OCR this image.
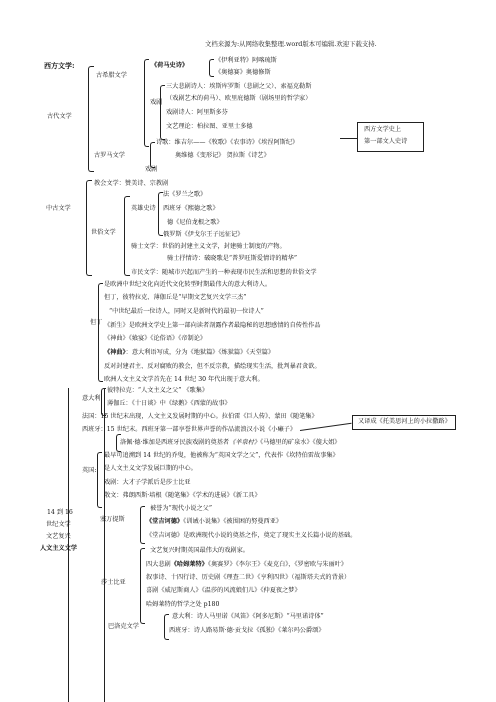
文档来源为:从网络收集整理.word版本可编辑.欢迎下载支持.
西方文学:
古希腊文学
古代文学
古罗马文学
《荷马史诗》
《伊利亚特》阿喀琉斯
《奥德赛》奥德修斯
戏剧
三大悲剧诗人：埃斯库罗斯（悲剧之父）、索福克勒斯
（戏剧艺术的荷马）、欧里庇德斯（剧场里的哲学家）
戏剧诗人：阿里斯多芬
文艺理论：柏拉图、亚里士多德
诗歌：维吉尔——《牧歌》《农事诗》《埃涅阿斯纪》
奥维德《变形记》 贺拉斯《诗艺》
戏剧
西方文学史上
第一部文人史诗
中古文学
教会文学：赞美诗、宗教剧
世俗文学
英雄史诗
法《罗兰之歌》
西班牙《熙德之歌》
德《尼伯龙根之歌》
俄罗斯《伊戈尔王子远征记》
骑士文学：世俗的封建主义文学，封建骑士制度的产物。
骑士抒情诗：破晓歌是“普罗旺斯爱情诗的精华”
市民文学：随城市兴起而产生的一种表现市民生活和思想的世俗文学
但丁
是欧洲中世纪文化向近代文化转型时期最伟大的意大利诗人。
但丁，彼特拉克、薄伽丘是“早期文艺复兴文学三杰”
“中世纪最后一位诗人，同时又是新时代的最初一位诗人”
《新生》是欧洲文学史上第一部向读者剖露作者最隐秘的思想感情的自传性作品
《神曲》《飨宴》《论俗语》《帝制论》
《神曲》：意大利语写成，分为《地狱篇》《炼狱篇》《天堂篇》
反对封建君主、反对腐败的教会，但不反宗教，描绘现实生活，批判暴君贪欲。
欧洲人文主义文学首先在 14 世纪 30 年代出现于意大利。
14 到 16
世纪文学
文艺复兴
人文主义文学
意大利
彼特拉克：“人文主义之父” 《歌集》
薄伽丘：《十日谈》中《绿鹅》《西蒙的故事》
法国：15 世纪末出现，人文主义发展时期的中心。拉伯雷《巨人传》、蒙田《随笔集》
西班牙：15 世纪末。西班牙第一部享誉世界声誉的作品流浪汉小说《小癞子》
洛佩·德·维加是西班牙民族戏剧的奠基者《羊泉村》《马德里的矿泉水》《傻大姐》
又译成《托美思河上的小拉撒路》
英国:
最早可追溯到 14 世纪的乔叟，他被称为“英国文学之父”，代表作《坎特伯雷故事集》
是人文主义文学发展巨期的中心。
戏剧：大才子学派后是莎士比亚
散文：弗朗西斯·培根《随笔集》《学术的进展》《新工具》
塞万提斯
被誉为“现代小说之父”
《堂吉诃德》《训诫小说集》《被围困的努曼西亚》
《堂吉诃德》是欧洲现代小说的奠基之作，奠定了现实主义长篇小说的基础。
莎士比亚
文艺复兴时期英国最伟大的戏剧家。
四大悲剧《哈姆莱特》《奥赛罗》《李尔王》《麦克白》，《罗密欧与朱丽叶》
叙事诗、十四行诗、历史剧《理查二世》《亨利四世》（福斯塔夫式的背景）
喜剧《威尼斯商人》《温莎的风流娘们儿》《仲夏夜之梦》
哈姆莱特的哲学之处 p180
巴洛克文学
意大利：诗人马里诺《风笛》《阿多尼斯》“马里诺诗体”
西班牙：诗人路易斯·德·贡戈拉《孤独》《莱尔玛公爵颂》
